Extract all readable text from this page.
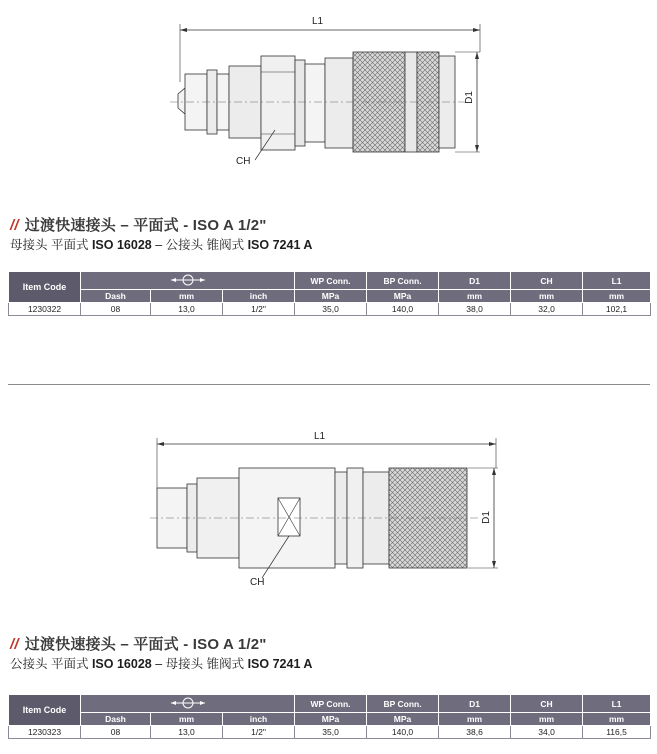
L1
D1
CH
// 过渡快速接头 – 平面式 - ISO A 1/2"
母接头 平面式 ISO 16028 – 公接头 锥阀式 ISO 7241 A
Item Code				WP Conn.	BP Conn.	D1	CH	L1
	Dash	mm	inch	MPa	MPa	mm	mm	mm
1230322	08	13,0	1/2"	35,0	140,0	38,0	32,0	102,1
L1
D1
CH
// 过渡快速接头 – 平面式 - ISO A 1/2"
公接头 平面式 ISO 16028 – 母接头 锥阀式 ISO 7241 A
Item Code				WP Conn.	BP Conn.	D1	CH	L1
	Dash	mm	inch	MPa	MPa	mm	mm	mm
1230323	08	13,0	1/2"	35,0	140,0	38,6	34,0	116,5
